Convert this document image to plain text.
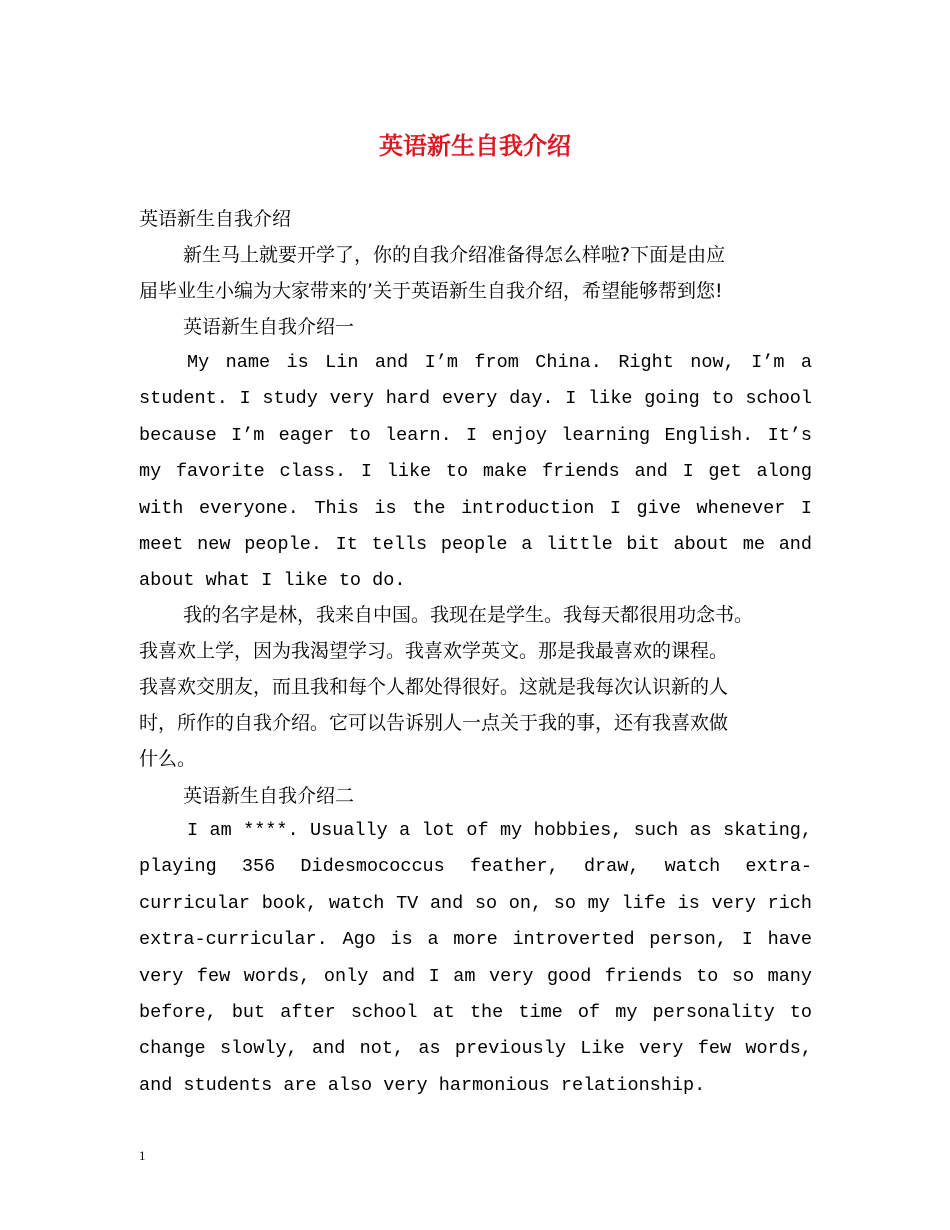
英语新生自我介绍
英语新生自我介绍
新生马上就要开学了，你的自我介绍准备得怎么样啦?下面是由应
届毕业生小编为大家带来的’关于英语新生自我介绍，希望能够帮到您!
英语新生自我介绍一
My name is Lin and I’m from China. Right now, I’m a student. I study very hard every day. I like going to school because I’m eager to learn. I enjoy learning English. It’s my favorite class. I like to make friends and I get along with everyone. This is the introduction I give whenever I meet new people. It tells people a little bit about me and about what I like to do.
我的名字是林，我来自中国。我现在是学生。我每天都很用功念书。
我喜欢上学，因为我渴望学习。我喜欢学英文。那是我最喜欢的课程。
我喜欢交朋友，而且我和每个人都处得很好。这就是我每次认识新的人
时，所作的自我介绍。它可以告诉别人一点关于我的事，还有我喜欢做
什么。
英语新生自我介绍二
I am ****. Usually a lot of my hobbies, such as skating, playing 356 Didesmococcus feather, draw, watch extra-curricular book, watch TV and so on, so my life is very rich extra-curricular. Ago is a more introverted person, I have very few words, only and I am very good friends to so many before, but after school at the time of my personality to change slowly, and not, as previously Like very few words, and students are also very harmonious relationship.
1
